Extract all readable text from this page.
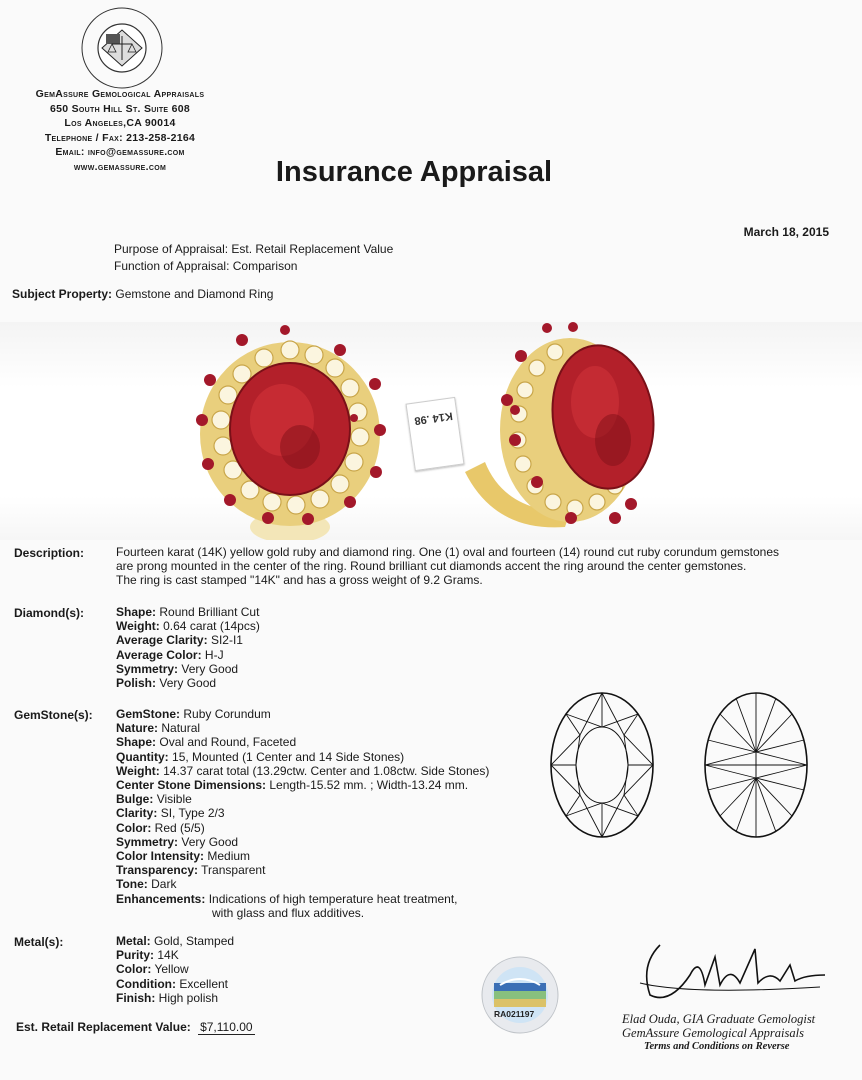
GemAssure Gemological Appraisals
650 South Hill St. Suite 608
Los Angeles,CA 90014
Telephone / Fax: 213-258-2164
Email: info@gemassure.com
www.gemassure.com	Insurance Appraisal
March 18, 2015
Purpose of Appraisal: Est. Retail Replacement Value
Function of Appraisal: Comparison
Subject Property: Gemstone and Diamond Ring
K14 .98
Description:	Fourteen karat (14K) yellow gold ruby and diamond ring. One (1) oval and fourteen (14) round cut ruby corundum gemstones
are prong mounted in the center of the ring. Round brilliant cut diamonds accent the ring around the center gemstones.
The ring is cast stamped "14K" and has a gross weight of 9.2 Grams.
Diamond(s):	Shape: Round Brilliant Cut
Weight: 0.64 carat (14pcs)
Average Clarity: SI2-I1
Average Color: H-J
Symmetry: Very Good
Polish: Very Good
GemStone(s): GemStone: Ruby Corundum
Nature: Natural
Shape: Oval and Round, Faceted
Quantity: 15, Mounted (1 Center and 14 Side Stones)
Weight: 14.37 carat total (13.29ctw. Center and 1.08ctw. Side Stones)
Center Stone Dimensions: Length-15.52 mm. ; Width-13.24 mm.
Bulge: Visible
Clarity: SI, Type 2/3
Color: Red (5/5)
Symmetry: Very Good
Color Intensity: Medium
Transparency: Transparent
Tone: Dark
Enhancements: Indications of high temperature heat treatment,
with glass and flux additives.
Metal(s):	Metal: Gold, Stamped
Purity: 14K
Color: Yellow
Condition: Excellent
Finish: High polish
Est. Retail Replacement Value: $7,110.00
RA021197	Elad Ouda, GIA Graduate Gemologist
GemAssure Gemological Appraisals
Terms and Conditions on Reverse
